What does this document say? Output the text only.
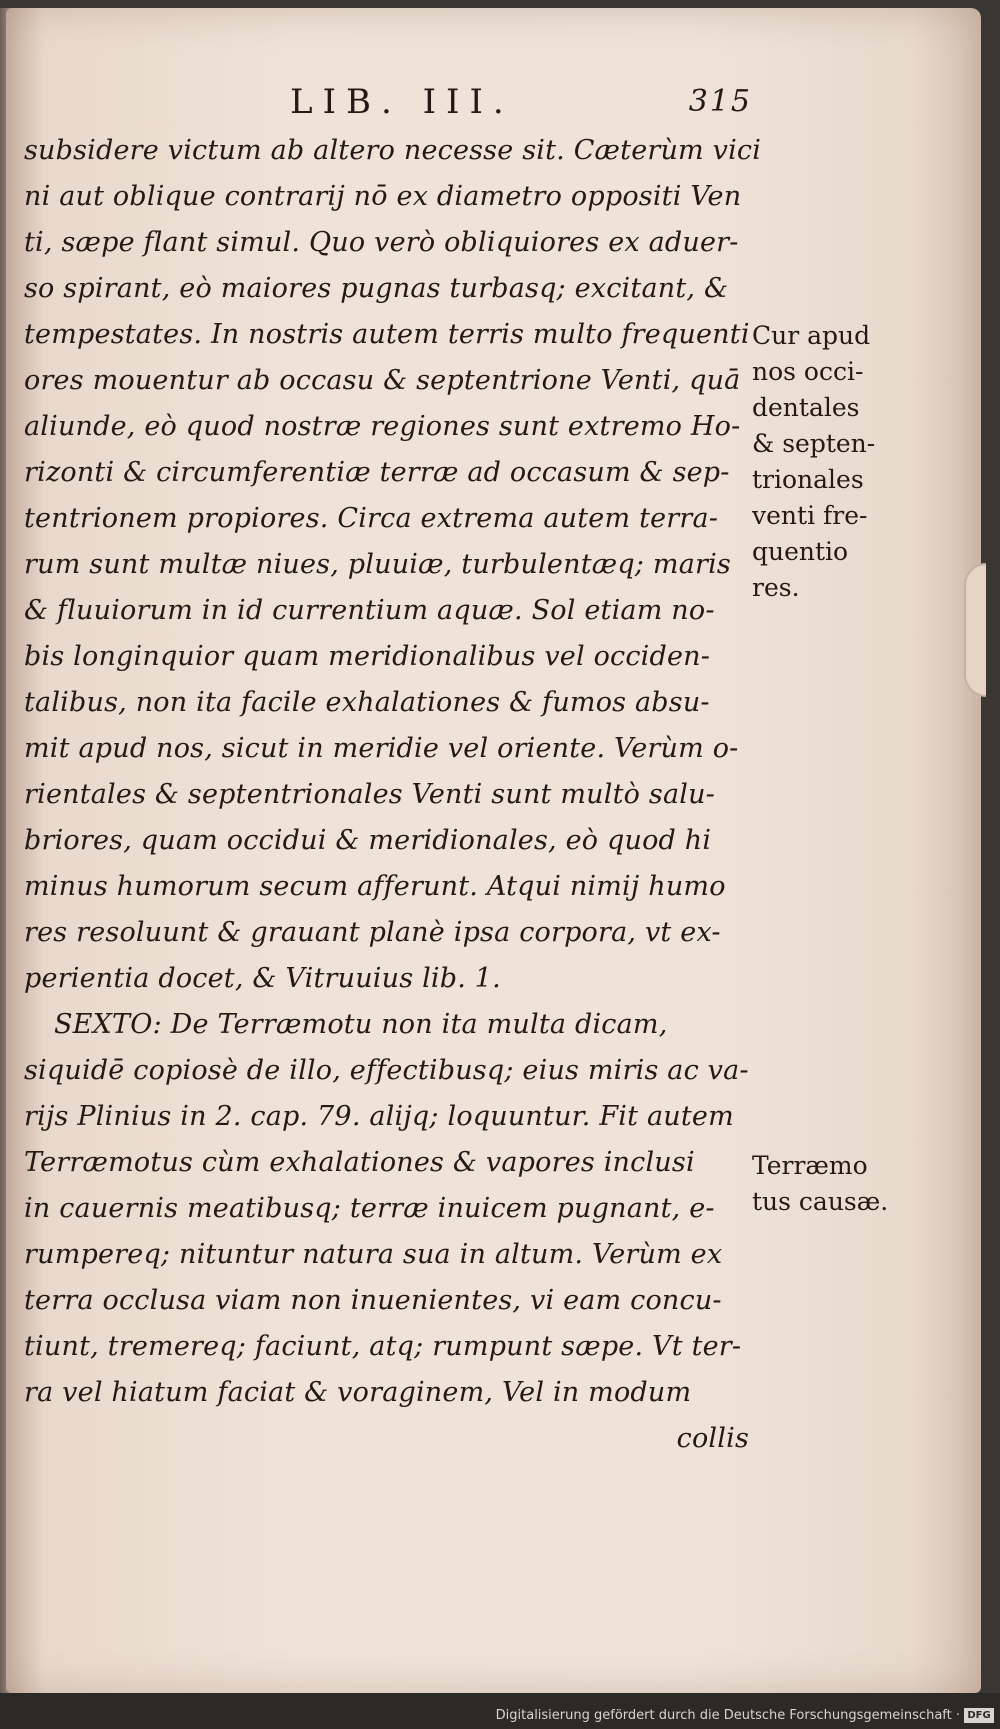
LIB. III.	315
subsidere victum ab altero necesse sit. Cæterùm vici
ni aut oblique contrarij nō ex diametro oppositi Ven
ti, sæpe flant simul. Quo verò obliquiores ex aduer-
so spirant, eò maiores pugnas turbasq; excitant, &
tempestates. In nostris autem terris multo frequenti
ores mouentur ab occasu & septentrione Venti, quā
aliunde, eò quod nostræ regiones sunt extremo Ho-
rizonti & circumferentiæ terræ ad occasum & sep-
tentrionem propiores. Circa extrema autem terra-
rum sunt multæ niues, pluuiæ, turbulentæq; maris
& fluuiorum in id currentium aquæ. Sol etiam no-
bis longinquior quam meridionalibus vel occiden-
talibus, non ita facile exhalationes & fumos absu-
mit apud nos, sicut in meridie vel oriente. Verùm o-
rientales & septentrionales Venti sunt multò salu-
briores, quam occidui & meridionales, eò quod hi
minus humorum secum afferunt. Atqui nimij humo
res resoluunt & grauant planè ipsa corpora, vt ex-
perientia docet, & Vitruuius lib. 1.
SEXTO: De Terræmotu non ita multa dicam,
siquidē copiosè de illo, effectibusq; eius miris ac va-
rijs Plinius in 2. cap. 79. alijq; loquuntur. Fit autem
Terræmotus cùm exhalationes & vapores inclusi
in cauernis meatibusq; terræ inuicem pugnant, e-
rumpereq; nituntur natura sua in altum. Verùm ex
terra occlusa viam non inuenientes, vi eam concu-
tiunt, tremereq; faciunt, atq; rumpunt sæpe. Vt ter-
ra vel hiatum faciat & voraginem, Vel in modum
collis
Cur apud
nos occi-
dentales
& septen-
trionales
venti fre-
quentio
res.
Terræmo
tus causæ.
Digitalisierung gefördert durch die Deutsche Forschungsgemeinschaft · DFG
